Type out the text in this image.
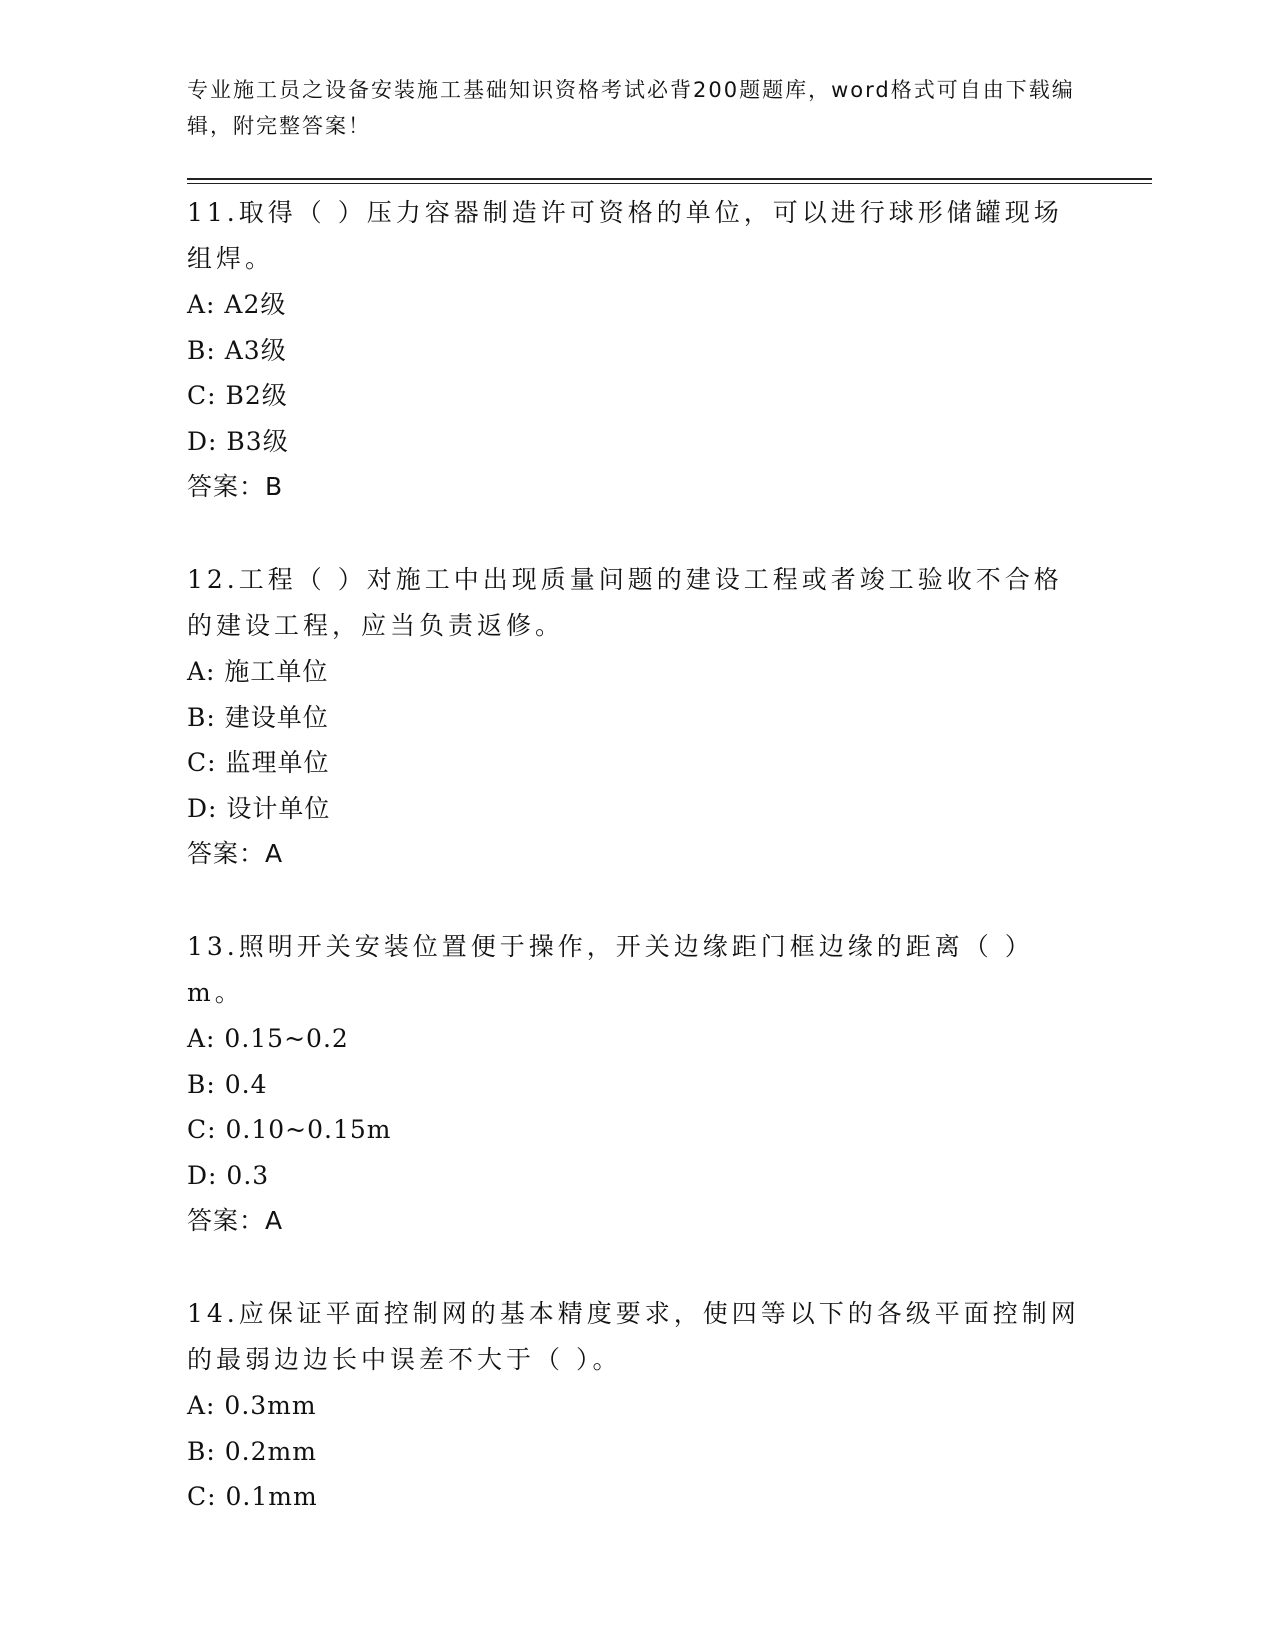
专业施工员之设备安装施工基础知识资格考试必背200题题库，word格式可自由下载编辑，附完整答案！

11.取得（ ）压力容器制造许可资格的单位，可以进行球形储罐现场组焊。

A: A2级

B: A3级

C: B2级

D: B3级

答案：B

12.工程（ ）对施工中出现质量问题的建设工程或者竣工验收不合格的建设工程，应当负责返修。

A: 施工单位

B: 建设单位

C: 监理单位

D: 设计单位

答案：A

13.照明开关安装位置便于操作，开关边缘距门框边缘的距离（ ）m。

A: 0.15~0.2

B: 0.4

C: 0.10~0.15m

D: 0.3

答案：A

14.应保证平面控制网的基本精度要求，使四等以下的各级平面控制网的最弱边边长中误差不大于（ ）。

A: 0.3mm

B: 0.2mm

C: 0.1mm
